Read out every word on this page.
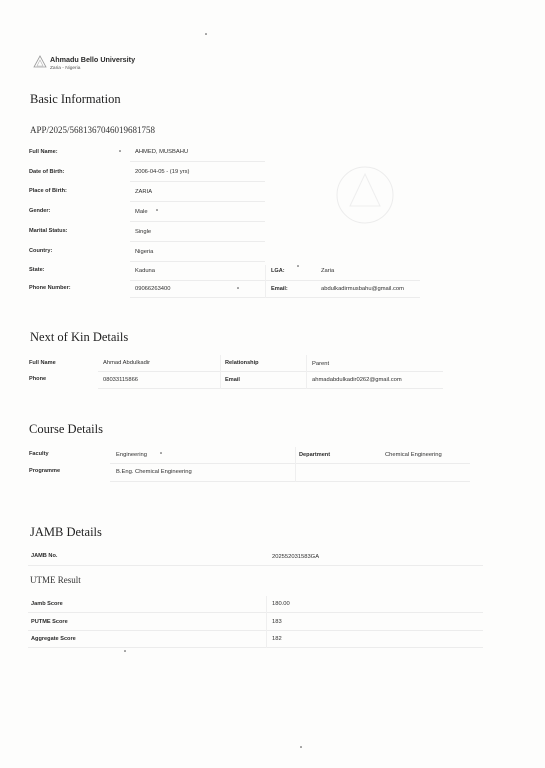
Ahmadu Bello University
Zaria - Nigeria
Basic Information
APP/2025/5681367046019681758
Full Name:	AHMED, MUSBAHU
Date of Birth:	2006-04-05 - (19 yrs)
Place of Birth:	ZARIA
Gender:	Male
Marital Status:	Single
Country:	Nigeria
State:	Kaduna	LGA:	Zaria
Phone Number:	09066263400	Email:	abdulkadirmusbahu@gmail.com
Next of Kin Details
Full Name	Ahmad Abdulkadir	Relationship	Parent
Phone	08033115866	Email	ahmadabdulkadir0262@gmail.com
Course Details
Faculty	Engineering	Department	Chemical Engineering
Programme	B.Eng. Chemical Engineering
JAMB Details
JAMB No.	202552031583GA
UTME Result
Jamb Score	180.00
PUTME Score	183
Aggregate Score	182
